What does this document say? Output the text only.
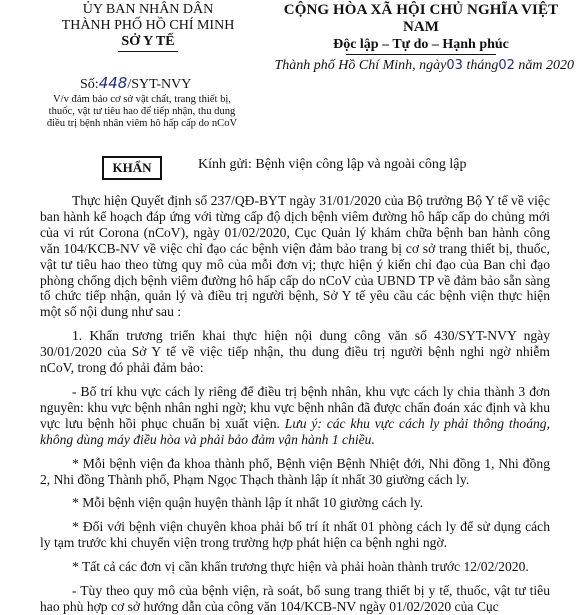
ỦY BAN NHÂN DÂN
THÀNH PHỐ HỒ CHÍ MINH
SỞ Y TẾ
CỘNG HÒA XÃ HỘI CHỦ NGHĨA VIỆT NAM
Độc lập – Tự do – Hạnh phúc
Thành phố Hồ Chí Minh, ngày03 tháng02 năm 2020
Số:448/SYT-NVY
V/v đảm bảo cơ sở vật chất, trang thiết bị, thuốc, vật tư tiêu hao để tiếp nhận, thu dung điều trị bệnh nhân viêm hô hấp cấp do nCoV
KHẨN	Kính gửi: Bệnh viện công lập và ngoài công lập

Thực hiện Quyết định số 237/QĐ-BYT ngày 31/01/2020 của Bộ trưởng Bộ Y tế về việc ban hành kế hoạch đáp ứng với từng cấp độ dịch bệnh viêm đường hô hấp cấp do chủng mới của vi rút Corona (nCoV), ngày 01/02/2020, Cục Quản lý khám chữa bệnh ban hành công văn 104/KCB-NV về việc chỉ đạo các bệnh viện đảm bảo trang bị cơ sở trang thiết bị, thuốc, vật tư tiêu hao theo từng quy mô của mỗi đơn vị; thực hiện ý kiến chỉ đạo của Ban chỉ đạo phòng chống dịch bệnh viêm đường hô hấp cấp do nCoV của UBND TP về đảm bảo sẵn sàng tổ chức tiếp nhận, quản lý và điều trị người bệnh, Sở Y tế yêu cầu các bệnh viện thực hiện một số nội dung như sau :

1. Khẩn trương triển khai thực hiện nội dung công văn số 430/SYT-NVY ngày 30/01/2020 của Sở Y tế về việc tiếp nhận, thu dung điều trị người bệnh nghi ngờ nhiễm nCoV, trong đó phải đảm bảo:

- Bố trí khu vực cách ly riêng để điều trị bệnh nhân, khu vực cách ly chia thành 3 đơn nguyên: khu vực bệnh nhân nghi ngờ; khu vực bệnh nhân đã được chẩn đoán xác định và khu vực lưu bệnh hồi phục chuẩn bị xuất viện. Lưu ý: các khu vực cách ly phải thông thoáng, không dùng máy điều hòa và phải bảo đảm vận hành 1 chiều.

* Mỗi bệnh viện đa khoa thành phố, Bệnh viện Bệnh Nhiệt đới, Nhi đồng 1, Nhi đồng 2, Nhi đồng Thành phố, Phạm Ngọc Thạch thành lập ít nhất 30 giường cách ly.

* Mỗi bệnh viện quận huyện thành lập ít nhất 10 giường cách ly.

* Đối với bệnh viện chuyên khoa phải bố trí ít nhất 01 phòng cách ly để sử dụng cách ly tạm trước khi chuyển viện trong trường hợp phát hiện ca bệnh nghi ngờ.

* Tất cả các đơn vị cần khẩn trương thực hiện và phải hoàn thành trước 12/02/2020.

- Tùy theo quy mô của bệnh viện, rà soát, bổ sung trang thiết bị y tế, thuốc, vật tư tiêu hao phù hợp cơ sở hướng dẫn của công văn 104/KCB-NV ngày 01/02/2020 của Cục
